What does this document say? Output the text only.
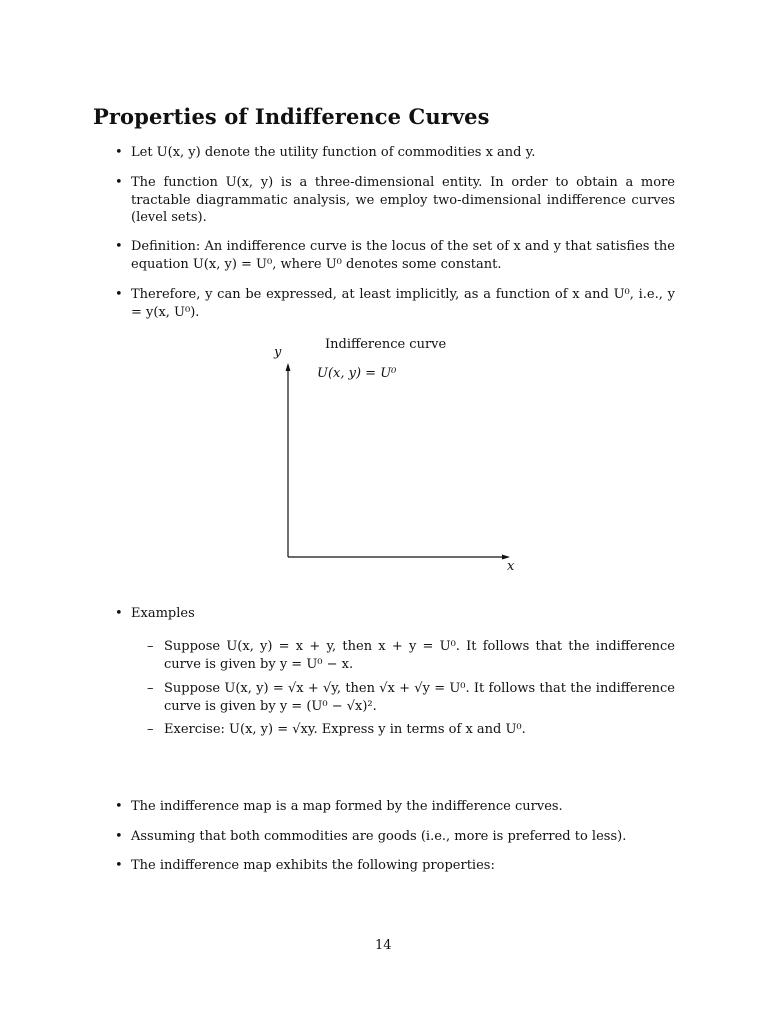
Properties of Indifference Curves
• Let U(x, y) denote the utility function of commodities x and y.
• The function U(x, y) is a three-dimensional entity. In order to obtain a more tractable diagrammatic analysis, we employ two-dimensional indifference curves (level sets).
• Definition: An indifference curve is the locus of the set of x and y that satisfies the equation U(x, y) = U⁰, where U⁰ denotes some constant.
• Therefore, y can be expressed, at least implicitly, as a function of x and U⁰, i.e., y = y(x, U⁰).
Indifference curve
U(x, y) = U⁰
y
x
• Examples
– Suppose U(x, y) = x + y, then x + y = U⁰. It follows that the indifference curve is given by y = U⁰ − x.
– Suppose U(x, y) = √x + √y, then √x + √y = U⁰. It follows that the indifference curve is given by y = (U⁰ − √x)².
– Exercise: U(x, y) = √xy. Express y in terms of x and U⁰.
• The indifference map is a map formed by the indifference curves.
• Assuming that both commodities are goods (i.e., more is preferred to less).
• The indifference map exhibits the following properties:
14
